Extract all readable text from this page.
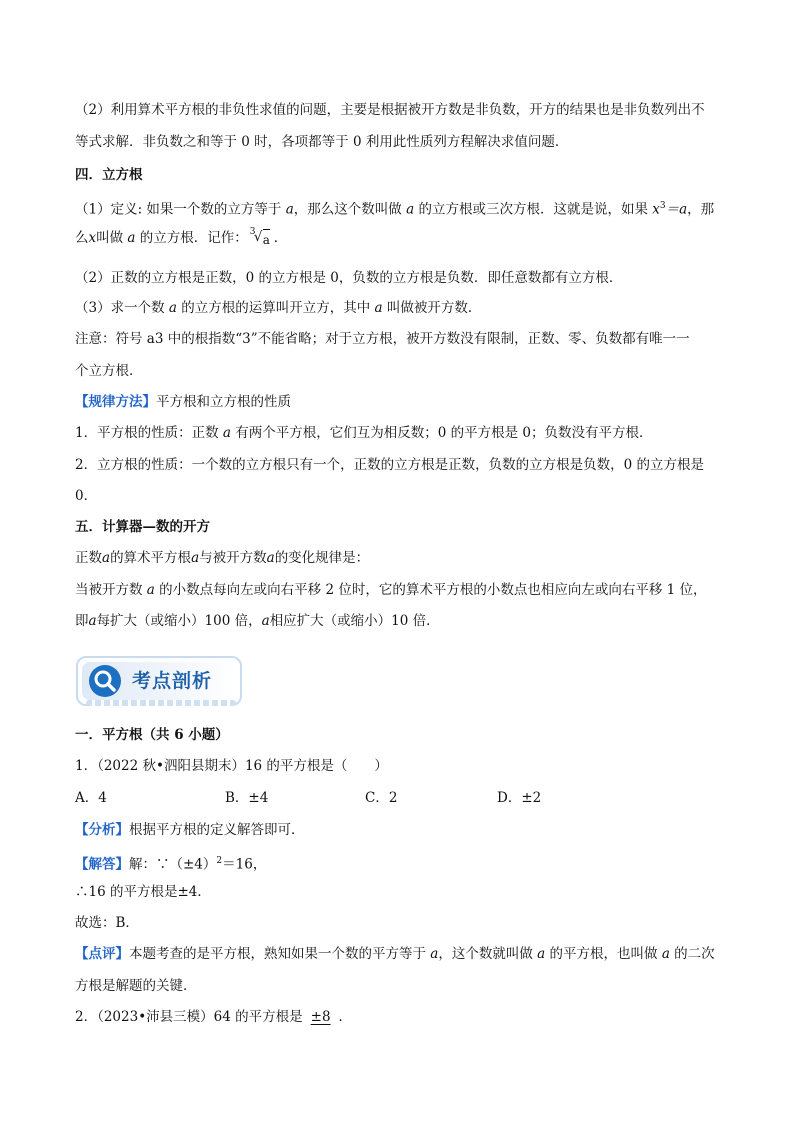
（2）利用算术平方根的非负性求值的问题，主要是根据被开方数是非负数，开方的结果也是非负数列出不
等式求解．非负数之和等于 0 时，各项都等于 0 利用此性质列方程解决求值问题．
四．立方根
（1）定义: 如果一个数的立方等于 a，那么这个数叫做 a 的立方根或三次方根．这就是说，如果 $x^3=a$，那
么x叫做 a 的立方根．记作： 3
√ a ．
（2）正数的立方根是正数，0 的立方根是 0，负数的立方根是负数．即任意数都有立方根．
（3）求一个数 a 的立方根的运算叫开立方，其中 a 叫做被开方数．
注意：符号 a3 中的根指数“3”不能省略；对于立方根，被开方数没有限制，正数、零、负数都有唯一一
个立方根．
【规律方法】平方根和立方根的性质
1．平方根的性质：正数 a 有两个平方根，它们互为相反数；0 的平方根是 0；负数没有平方根．
2．立方根的性质：一个数的立方根只有一个，正数的立方根是正数，负数的立方根是负数，0 的立方根是
0．
五．计算器—数的开方
正数a的算术平方根a与被开方数a的变化规律是：
当被开方数 a 的小数点每向左或向右平移 2 位时，它的算术平方根的小数点也相应向左或向右平移 1 位，
即a每扩大（或缩小）100 倍，a相应扩大（或缩小）10 倍．
考点剖析
一．平方根（共 6 小题）
1．（2022 秋•泗阳县期末）16 的平方根是（　　）
A．4	B．±4	C．2	D．±2
【分析】根据平方根的定义解答即可．
【解答】解：$\because(\pm 4)^2=16$，
∴16 的平方根是±4．
故选：B．
【点评】本题考查的是平方根，熟知如果一个数的平方等于 a，这个数就叫做 a 的平方根，也叫做 a 的二次
方根是解题的关键．
2．（2023•沛县三模）64 的平方根是 ±8 ．
